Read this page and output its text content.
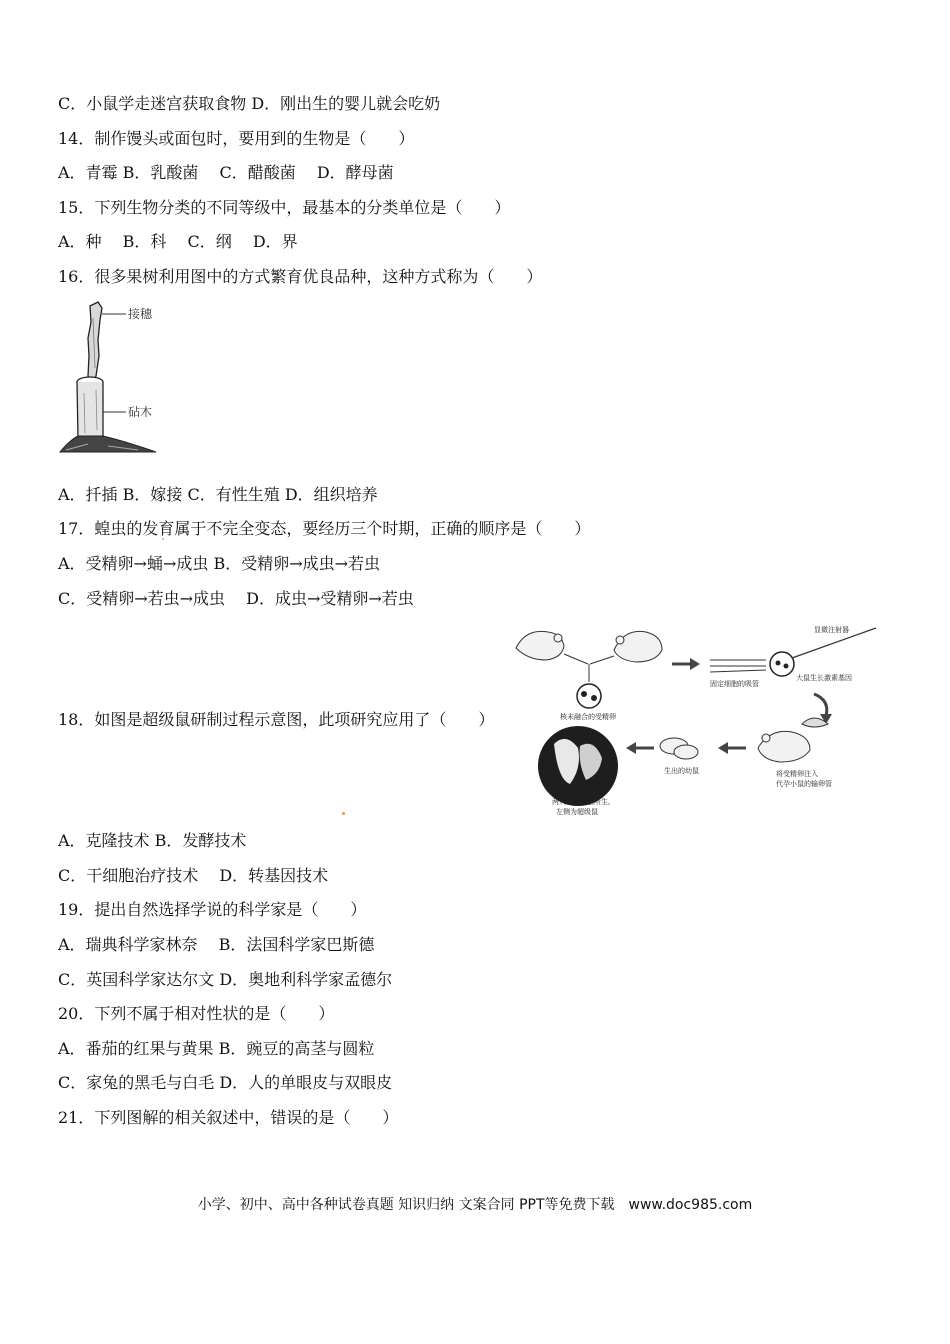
C．小鼠学走迷宫获取食物 D．刚出生的婴儿就会吃奶
14．制作馒头或面包时，要用到的生物是（　　）
A．青霉 B．乳酸菌　 C．醋酸菌　 D．酵母菌
15．下列生物分类的不同等级中，最基本的分类单位是（　　）
A．种　 B．科　 C．纲　 D．界
16．很多果树利用图中的方式繁育优良品种，这种方式称为（　　）
接穗
砧木
A．扦插 B．嫁接 C．有性生殖 D．组织培养
17．蝗虫的发育属于不完全变态，要经历三个时期，正确的顺序是（　　）
A．受精卵→蛹→成虫 B．受精卵→成虫→若虫
C．受精卵→若虫→成虫　 D．成虫→受精卵→若虫
18．如图是超级鼠研制过程示意图，此项研究应用了（　　）	核未融合的受精卵
显微注射器
大鼠生长激素基因
固定细胞的吸管
将受精卵注入
代孕小鼠的输卵管
生出的幼鼠
两只鼠为一胎所生,
左侧为超级鼠
A．克隆技术 B．发酵技术
C．干细胞治疗技术　 D．转基因技术
19．提出自然选择学说的科学家是（　　）
A．瑞典科学家林奈　 B．法国科学家巴斯德
C．英国科学家达尔文 D．奥地利科学家孟德尔
20．下列不属于相对性状的是（　　）
A．番茄的红果与黄果 B．豌豆的高茎与圆粒
C．家兔的黑毛与白毛 D．人的单眼皮与双眼皮
21．下列图解的相关叙述中，错误的是（　　）
小学、初中、高中各种试卷真题 知识归纳 文案合同 PPT等免费下载　www.doc985.com
